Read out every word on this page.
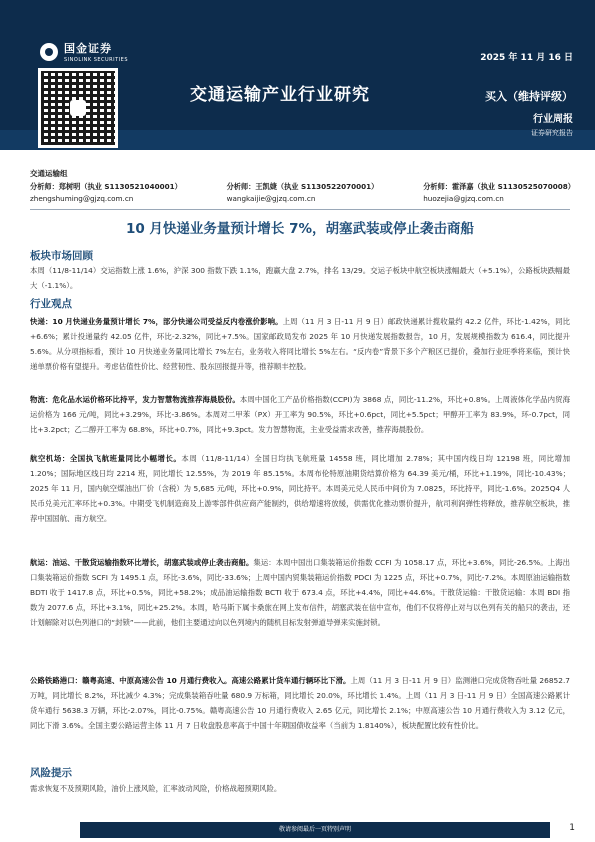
国金证券
SINOLINK SECURITIES	2025 年 11 月 16 日
交通运输产业行业研究	买入（维持评级）
行业周报
证券研究报告
交通运输组
分析师：郑树明（执业 S1130521040001）
zhengshuming@gjzq.com.cn
分析师：王凯婕（执业 S1130522070001）
wangkaijie@gjzq.com.cn
分析师：霍泽嘉（执业 S1130525070008）
huozejia@gjzq.com.cn
10 月快递业务量预计增长 7%，胡塞武装或停止袭击商船
板块市场回顾
本周（11/8-11/14）交运指数上涨 1.6%，沪深 300 指数下跌 1.1%，跑赢大盘 2.7%，排名 13/29。交运子板块中航空板块涨幅最大（+5.1%），公路板块跌幅最大（-1.1%）。
行业观点
快递：10 月快递业务量预计增长 7%，部分快递公司受益反内卷涨价影响。上周（11 月 3 日-11 月 9 日）邮政快递累计揽收量约 42.2 亿件，环比-1.42%，同比+6.6%；累计投递量约 42.05 亿件，环比-2.32%，同比+7.5%。国家邮政局发布 2025 年 10 月快递发展指数报告，10 月，发展规模指数为 616.4，同比提升 5.6%。从分项指标看，预计 10 月快递业务量同比增长 7%左右，业务收入将同比增长 5%左右。“反内卷”背景下多个产粮区已提价，叠加行业旺季将来临，预计快递单票价格有望提升。考虑估值性价比、经营韧性、股东回报提升等，推荐顺丰控股。
物流：危化品水运价格环比持平，发力智慧物流推荐海晨股份。本周中国化工产品价格指数(CCPI)为 3868 点，同比-11.2%，环比+0.8%。上周液体化学品内贸海运价格为 166 元/吨，同比+3.29%，环比-3.86%。本周对二甲苯（PX）开工率为 90.5%，环比+0.6pct，同比+5.5pct；甲醇开工率为 83.9%，环-0.7pct，同比+3.2pct；乙二醇开工率为 68.8%，环比+0.7%，同比+9.3pct。发力智慧物流，主业受益需求改善，推荐海晨股份。
航空机场：全国执飞航班量同比小幅增长。本周（11/8-11/14）全国日均执飞航班量 14558 班，同比增加 2.78%；其中国内线日均 12198 班，同比增加 1.20%；国际地区线日均 2214 班，同比增长 12.55%，为 2019 年 85.15%。本周布伦特原油期货结算价格为 64.39 美元/桶，环比+1.19%，同比-10.43%；2025 年 11 月，国内航空煤油出厂价（含税）为 5,685 元/吨，环比+0.9%，同比持平。本周美元兑人民币中间价为 7.0825，环比持平，同比-1.6%。2025Q4 人民币兑美元汇率环比+0.3%。中期受飞机制造商及上游零部件供应商产能制约，供给增速将放缓，供需优化推动票价提升，航司利润弹性将释放，推荐航空板块，推荐中国国航、南方航空。
航运：油运、干散货运输指数环比增长，胡塞武装或停止袭击商船。集运：本周中国出口集装箱运价指数 CCFI 为 1058.17 点，环比+3.6%，同比-26.5%。上海出口集装箱运价指数 SCFI 为 1495.1 点，环比-3.6%，同比-33.6%；上周中国内贸集装箱运价指数 PDCI 为 1225 点，环比+0.7%，同比-7.2%。本周原油运输指数 BDTI 收于 1417.8 点，环比+0.5%，同比+58.2%；成品油运输指数 BCTI 收于 673.4 点，环比+4.4%，同比+44.6%。干散货运输：干散货运输：本周 BDI 指数为 2077.6 点，环比+3.1%，同比+25.2%。本周，哈马斯下属卡桑旅在网上发布信件，胡塞武装在信中宣布，他们不仅将停止对与以色列有关的船只的袭击，还计划解除对以色列港口的“封锁”——此前，他们主要通过向以色列境内的随机目标发射弹道导弹来实施封锁。
公路铁路港口：赣粤高速、中原高速公告 10 月通行费收入。高速公路累计货车通行辆环比下滑。上周（11 月 3 日-11 月 9 日）监测港口完成货物吞吐量 26852.7 万吨，同比增长 8.2%，环比减少 4.3%；完成集装箱吞吐量 680.9 万标箱，同比增长 20.0%，环比增长 1.4%。上周（11 月 3 日-11 月 9 日）全国高速公路累计货车通行 5638.3 万辆，环比-2.07%，同比-0.75%。赣粤高速公告 10 月通行费收入 2.65 亿元，同比增长 2.1%；中原高速公告 10 月通行费收入为 3.12 亿元，同比下滑 3.6%。全国主要公路运营主体 11 月 7 日收盘股息率高于中国十年期国债收益率（当前为 1.8140%），板块配置比较有性价比。
风险提示
需求恢复不及预期风险，油价上涨风险，汇率波动风险，价格战超预期风险。
敬请参阅最后一页特别声明	1
